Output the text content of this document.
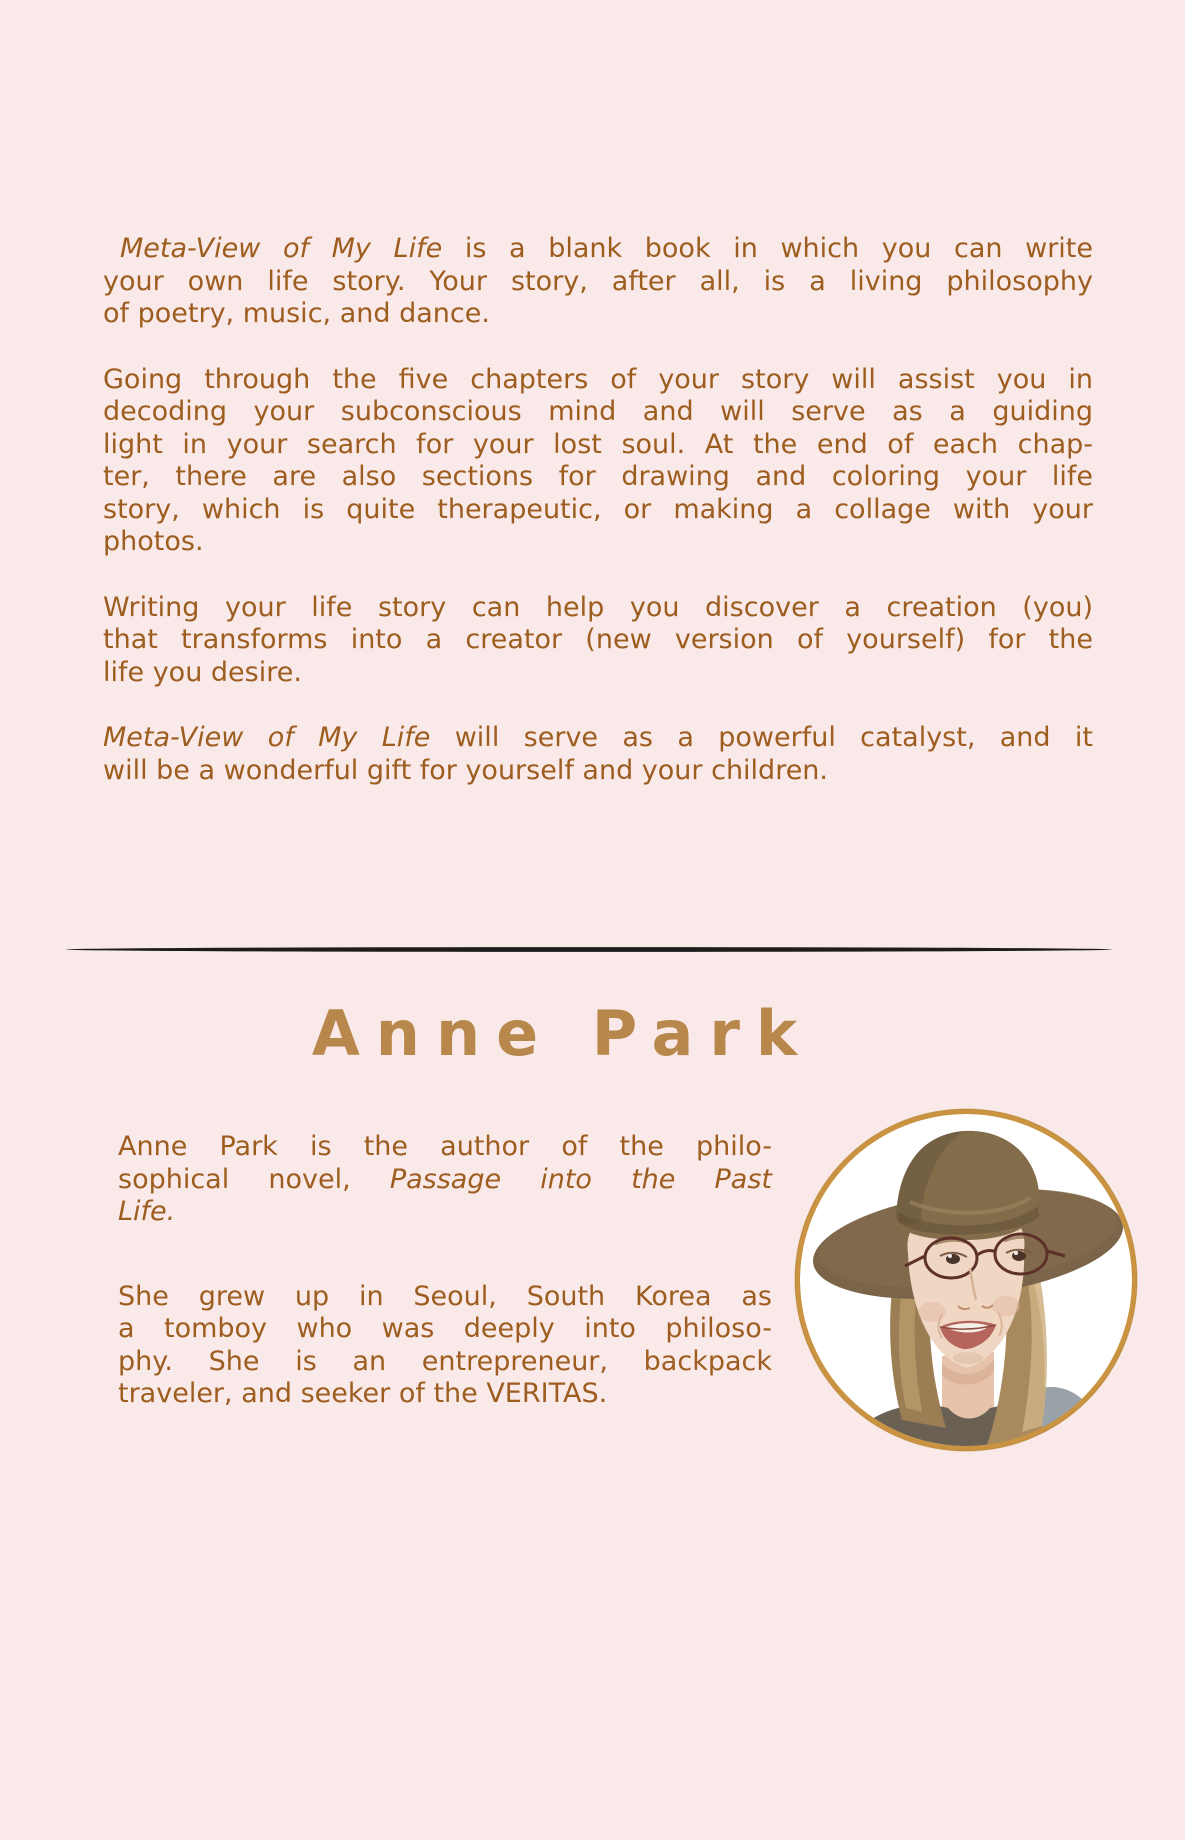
Meta-View of My Life is a blank book in which you can write
your own life story. Your story, after all, is a living philosophy
of poetry, music, and dance.
Going through the five chapters of your story will assist you in
decoding your subconscious mind and will serve as a guiding
light in your search for your lost soul. At the end of each chap-
ter, there are also sections for drawing and coloring your life
story, which is quite therapeutic, or making a collage with your
photos.
Writing your life story can help you discover a creation (you)
that transforms into a creator (new version of yourself) for the
life you desire.
Meta-View of My Life will serve as a powerful catalyst, and it
will be a wonderful gift for yourself and your children.
Anne Park
Anne Park is the author of the philo-
sophical novel, Passage into the Past
Life.
She grew up in Seoul, South Korea as
a tomboy who was deeply into philoso-
phy. She is an entrepreneur, backpack
traveler, and seeker of the VERITAS.
